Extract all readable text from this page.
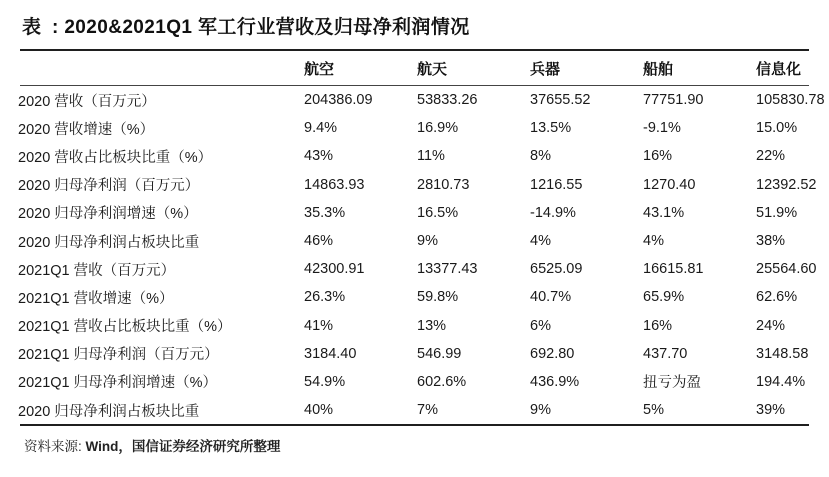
表 : 2020&2021Q1 军工行业营收及归母净利润情况
	航空	航天	兵器	船舶	信息化
2020 营收（百万元）	204386.09	53833.26	37655.52	77751.90	105830.78
2020 营收增速（%）	9.4%	16.9%	13.5%	-9.1%	15.0%
2020 营收占比板块比重（%）	43%	11%	8%	16%	22%
2020 归母净利润（百万元）	14863.93	2810.73	1216.55	1270.40	12392.52
2020 归母净利润增速（%）	35.3%	16.5%	-14.9%	43.1%	51.9%
2020 归母净利润占板块比重	46%	9%	4%	4%	38%
2021Q1 营收（百万元）	42300.91	13377.43	6525.09	16615.81	25564.60
2021Q1 营收增速（%）	26.3%	59.8%	40.7%	65.9%	62.6%
2021Q1 营收占比板块比重（%）	41%	13%	6%	16%	24%
2021Q1 归母净利润（百万元）	3184.40	546.99	692.80	437.70	3148.58
2021Q1 归母净利润增速（%）	54.9%	602.6%	436.9%	扭亏为盈	194.4%
2020 归母净利润占板块比重	40%	7%	9%	5%	39%
资料来源: Wind，国信证券经济研究所整理
